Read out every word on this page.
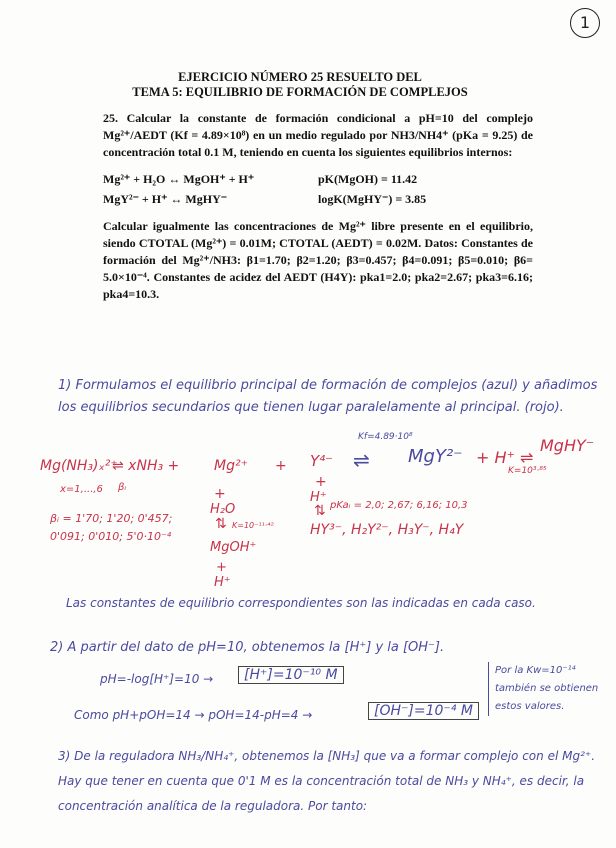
1
EJERCICIO NÚMERO 25 RESUELTO DEL
TEMA 5: EQUILIBRIO DE FORMACIÓN DE COMPLEJOS
25. Calcular la constante de formación condicional a pH=10 del complejo Mg²⁺/AEDT (Kf = 4.89×10⁸) en un medio regulado por NH3/NH4⁺ (pKa = 9.25) de concentración total 0.1 M, teniendo en cuenta los siguientes equilibrios internos:
Mg²⁺ + H₂O ↔ MgOH⁺ + H⁺	pK(MgOH) = 11.42
MgY²⁻ + H⁺ ↔ MgHY⁻	logK(MgHY⁻) = 3.85
Calcular igualmente las concentraciones de Mg²⁺ libre presente en el equilibrio, siendo CTOTAL (Mg²⁺) = 0.01M; CTOTAL (AEDT) = 0.02M. Datos: Constantes de formación del Mg²⁺/NH3: β1=1.70; β2=1.20; β3=0.457; β4=0.091; β5=0.010; β6= 5.0×10⁻⁴. Constantes de acidez del AEDT (H4Y): pka1=2.0; pka2=2.67; pka3=6.16; pka4=10.3.
1) Formulamos el equilibrio principal de formación de complejos (azul) y añadimos los equilibrios secundarios que tienen lugar paralelamente al principal. (rojo).
Mg(NH₃)ₓ²⁺
x=1,...,6 βᵢ
⇌ xNH₃ + Mg²⁺ + Y⁴⁻
Kf=4.89·10⁸
⇌ MgY²⁻ + H⁺ ⇌
MgHY⁻
K=10³·⁸⁵
βᵢ = 1'70; 1'20; 0'457; 0'091; 0'010; 5'0·10⁻⁴
+
H₂O
⇅ K=10⁻¹¹·⁴²
MgOH⁺
+
H⁺
+
H⁺
⇅ pKaᵢ = 2,0; 2,67; 6,16; 10,3
HY³⁻, H₂Y²⁻, H₃Y⁻, H₄Y
Las constantes de equilibrio correspondientes son las indicadas en cada caso.
2) A partir del dato de pH=10, obtenemos la [H⁺] y la [OH⁻].
pH=-log[H⁺]=10 →	[H⁺]=10⁻¹⁰ M
Como pH+pOH=14 → pOH=14-pH=4 →	[OH⁻]=10⁻⁴ M
Por la Kw=10⁻¹⁴ también se obtienen estos valores.
3) De la reguladora NH₃/NH₄⁺, obtenemos la [NH₃] que va a formar complejo con el Mg²⁺. Hay que tener en cuenta que 0'1 M es la concentración total de NH₃ y NH₄⁺, es decir, la concentración analítica de la reguladora. Por tanto:
